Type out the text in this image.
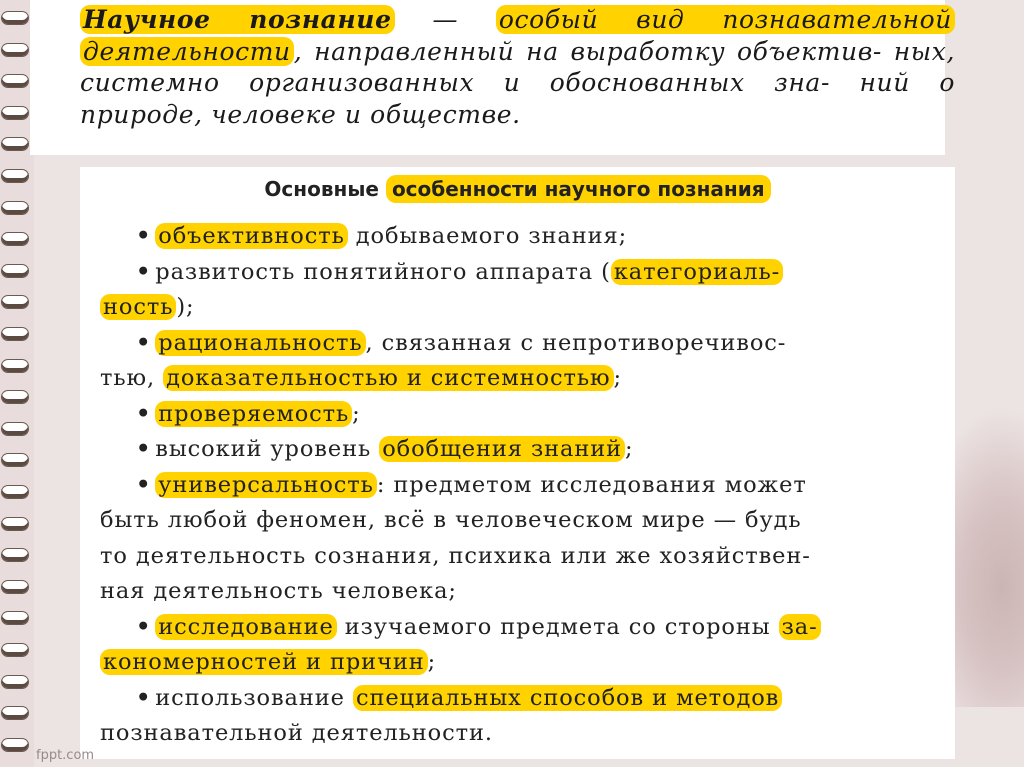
Научное познание — особый вид познавательной деятельности , направленный на выработку объектив- ных, системно организованных и обоснованных зна- ний о природе, человеке и обществе.

Основные особенности научного познания
• объективность добываемого знания;
• развитость понятийного аппарата ( категориаль-
ность );
• рациональность , связанная с непротиворечивос-
тью, доказательностью и системностью ;
• проверяемость ;
• высокий уровень обобщения знаний ;
• универсальность : предметом исследования может
быть любой феномен, всё в человеческом мире — будь
то деятельность сознания, психика или же хозяйствен-
ная деятельность человека;
• исследование изучаемого предмета со стороны за-
кономерностей и причин ;
• использование специальных способов и методов
познавательной деятельности.
fppt.com
